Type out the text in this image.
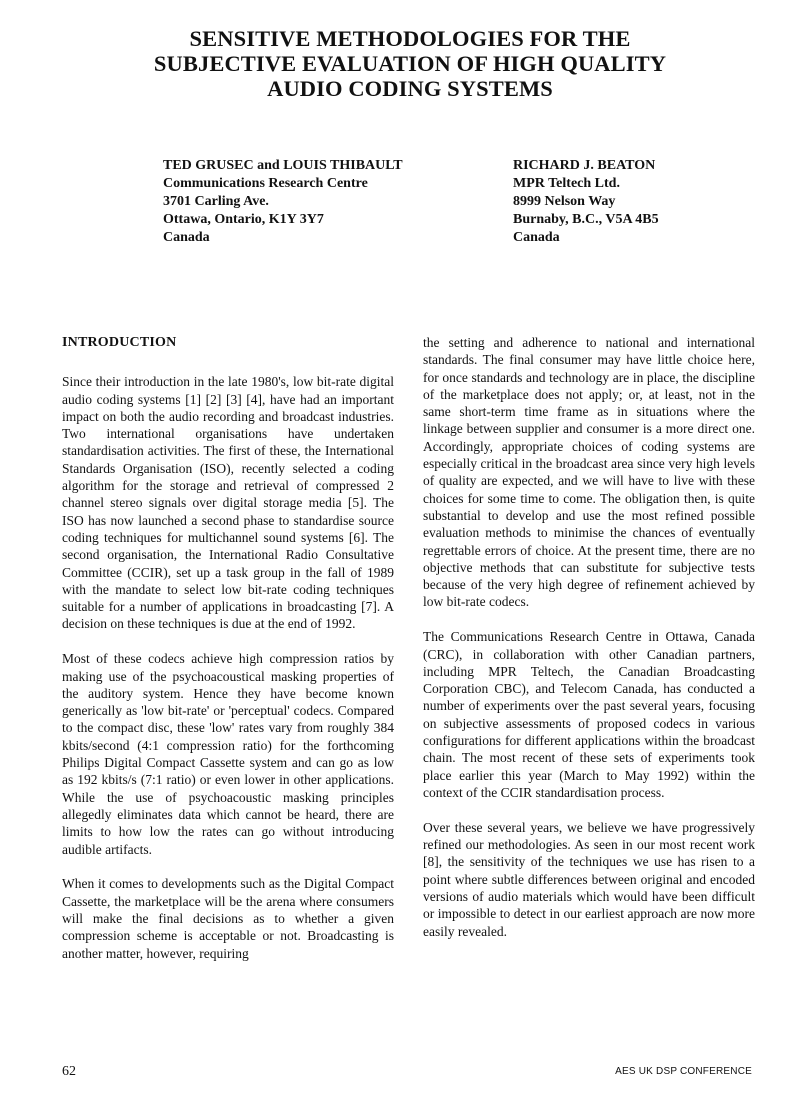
SENSITIVE METHODOLOGIES FOR THE
SUBJECTIVE EVALUATION OF HIGH QUALITY
AUDIO CODING SYSTEMS
TED GRUSEC and LOUIS THIBAULT
Communications Research Centre
3701 Carling Ave.
Ottawa, Ontario, K1Y 3Y7
Canada
RICHARD J. BEATON
MPR Teltech Ltd.
8999 Nelson Way
Burnaby, B.C., V5A 4B5
Canada
INTRODUCTION

Since their introduction in the late 1980's, low bit-rate digital audio coding systems [1] [2] [3] [4], have had an important impact on both the audio recording and broadcast industries. Two international organisations have undertaken standardisation activities. The first of these, the International Standards Organisation (ISO), recently selected a coding algorithm for the storage and retrieval of compressed 2 channel stereo signals over digital storage media [5]. The ISO has now launched a second phase to standardise source coding techniques for multichannel sound systems [6]. The second organisation, the International Radio Consultative Committee (CCIR), set up a task group in the fall of 1989 with the mandate to select low bit-rate coding techniques suitable for a number of applications in broadcasting [7]. A decision on these techniques is due at the end of 1992.

Most of these codecs achieve high compression ratios by making use of the psychoacoustical masking properties of the auditory system. Hence they have become known generically as 'low bit-rate' or 'perceptual' codecs. Compared to the compact disc, these 'low' rates vary from roughly 384 kbits/second (4:1 compression ratio) for the forthcoming Philips Digital Compact Cassette system and can go as low as 192 kbits/s (7:1 ratio) or even lower in other applications. While the use of psychoacoustic masking principles allegedly eliminates data which cannot be heard, there are limits to how low the rates can go without introducing audible artifacts.

When it comes to developments such as the Digital Compact Cassette, the marketplace will be the arena where consumers will make the final decisions as to whether a given compression scheme is acceptable or not. Broadcasting is another matter, however, requiring

the setting and adherence to national and international standards. The final consumer may have little choice here, for once standards and technology are in place, the discipline of the marketplace does not apply; or, at least, not in the same short-term time frame as in situations where the linkage between supplier and consumer is a more direct one. Accordingly, appropriate choices of coding systems are especially critical in the broadcast area since very high levels of quality are expected, and we will have to live with these choices for some time to come. The obligation then, is quite substantial to develop and use the most refined possible evaluation methods to minimise the chances of eventually regrettable errors of choice. At the present time, there are no objective methods that can substitute for subjective tests because of the very high degree of refinement achieved by low bit-rate codecs.

The Communications Research Centre in Ottawa, Canada (CRC), in collaboration with other Canadian partners, including MPR Teltech, the Canadian Broadcasting Corporation CBC), and Telecom Canada, has conducted a number of experiments over the past several years, focusing on subjective assessments of proposed codecs in various configurations for different applications within the broadcast chain. The most recent of these sets of experiments took place earlier this year (March to May 1992) within the context of the CCIR standardisation process.

Over these several years, we believe we have progressively refined our methodologies. As seen in our most recent work [8], the sensitivity of the techniques we use has risen to a point where subtle differences between original and encoded versions of audio materials which would have been difficult or impossible to detect in our earliest approach are now more easily revealed.

62	AES UK DSP CONFERENCE
